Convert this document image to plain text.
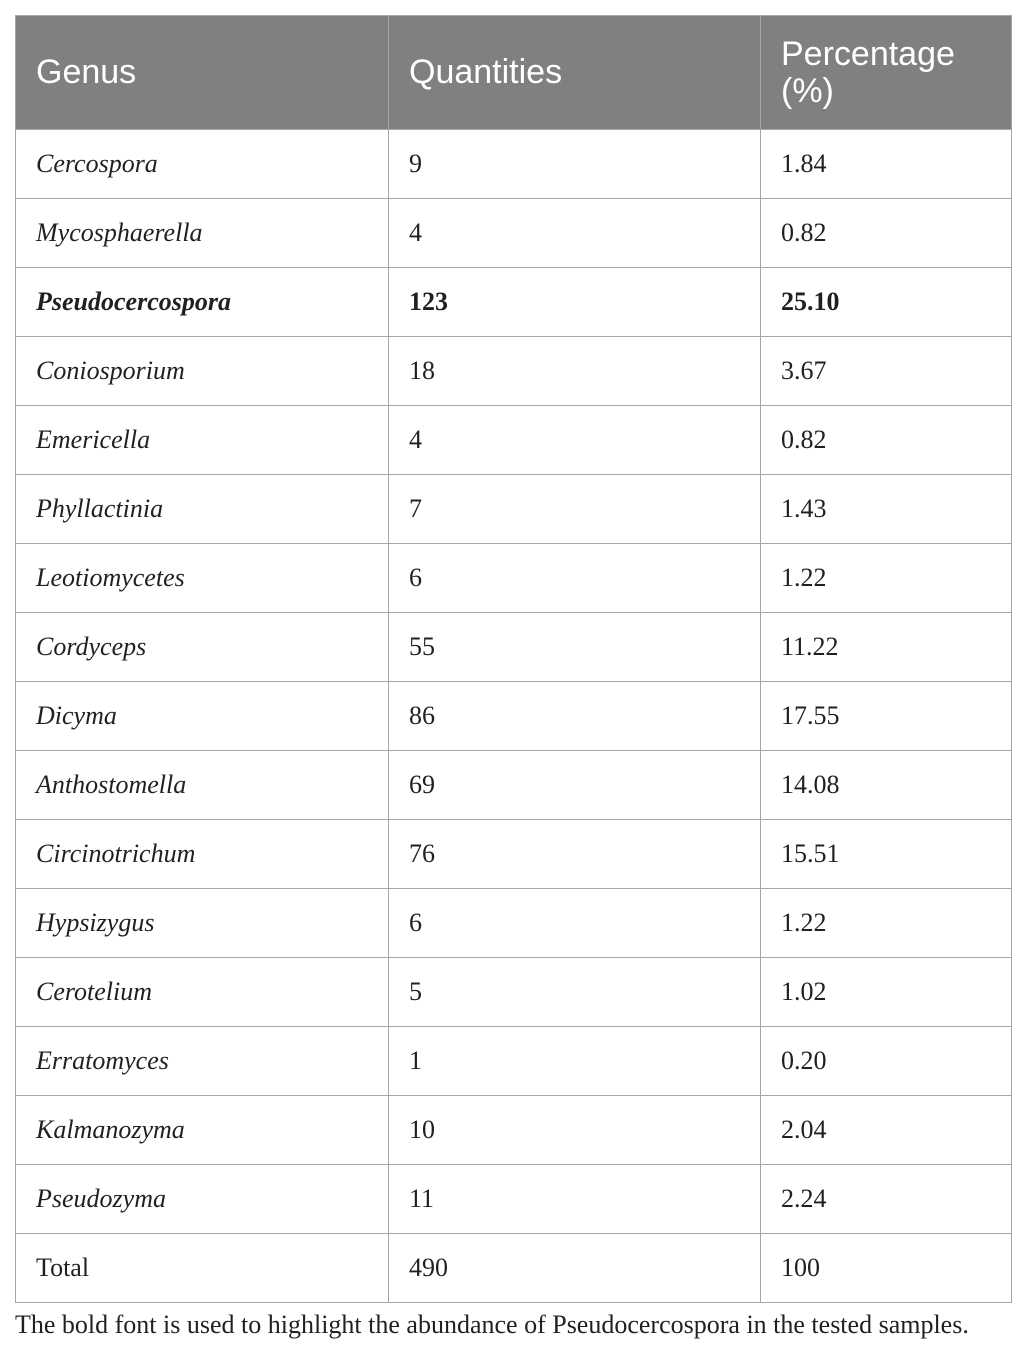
Genus	Quantities	Percentage (%)
Cercospora	9	1.84
Mycosphaerella	4	0.82
Pseudocercospora	123	25.10
Coniosporium	18	3.67
Emericella	4	0.82
Phyllactinia	7	1.43
Leotiomycetes	6	1.22
Cordyceps	55	11.22
Dicyma	86	17.55
Anthostomella	69	14.08
Circinotrichum	76	15.51
Hypsizygus	6	1.22
Cerotelium	5	1.02
Erratomyces	1	0.20
Kalmanozyma	10	2.04
Pseudozyma	11	2.24
Total	490	100
The bold font is used to highlight the abundance of Pseudocercospora in the tested samples.
